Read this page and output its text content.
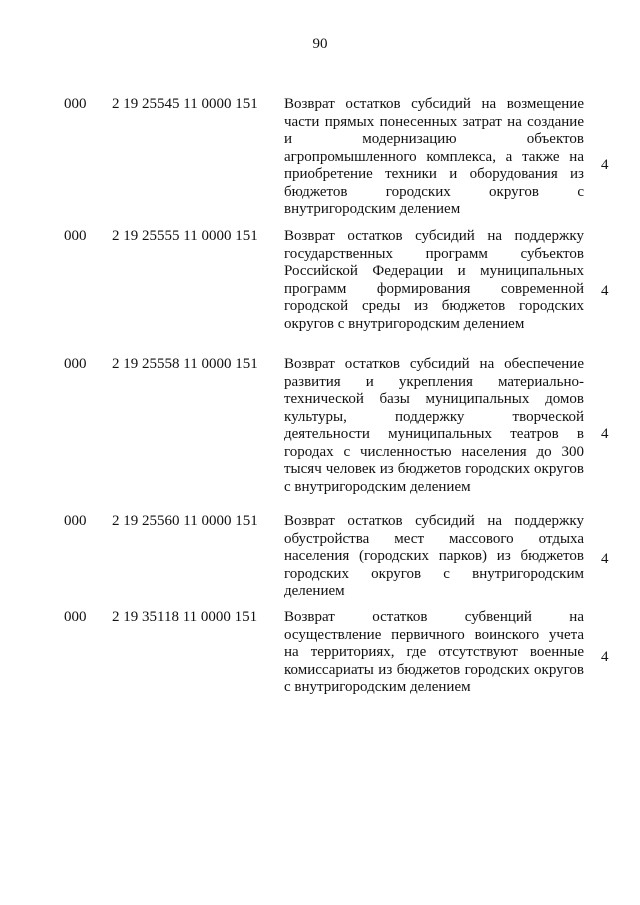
90
000 2 19 25545 11 0000 151 Возврат остатков субсидий на возмещение части прямых понесенных затрат на создание и модернизацию объектов агропромышленного комплекса, а также на приобретение техники и оборудования из бюджетов городских округов с внутригородским делением
4
000 2 19 25555 11 0000 151 Возврат остатков субсидий на поддержку государственных программ субъектов Российской Федерации и муниципальных программ формирования современной городской среды из бюджетов городских округов с внутригородским делением
4
000 2 19 25558 11 0000 151 Возврат остатков субсидий на обеспечение развития и укрепления материально-технической базы муниципальных домов культуры, поддержку творческой деятельности муниципальных театров в городах с численностью населения до 300 тысяч человек из бюджетов городских округов с внутригородским делением
4
000 2 19 25560 11 0000 151 Возврат остатков субсидий на поддержку обустройства мест массового отдыха населения (городских парков) из бюджетов городских округов с внутригородским делением
4
000 2 19 35118 11 0000 151 Возврат остатков субвенций на осуществление первичного воинского учета на территориях, где отсутствуют военные комиссариаты из бюджетов городских округов с внутригородским делением
4
